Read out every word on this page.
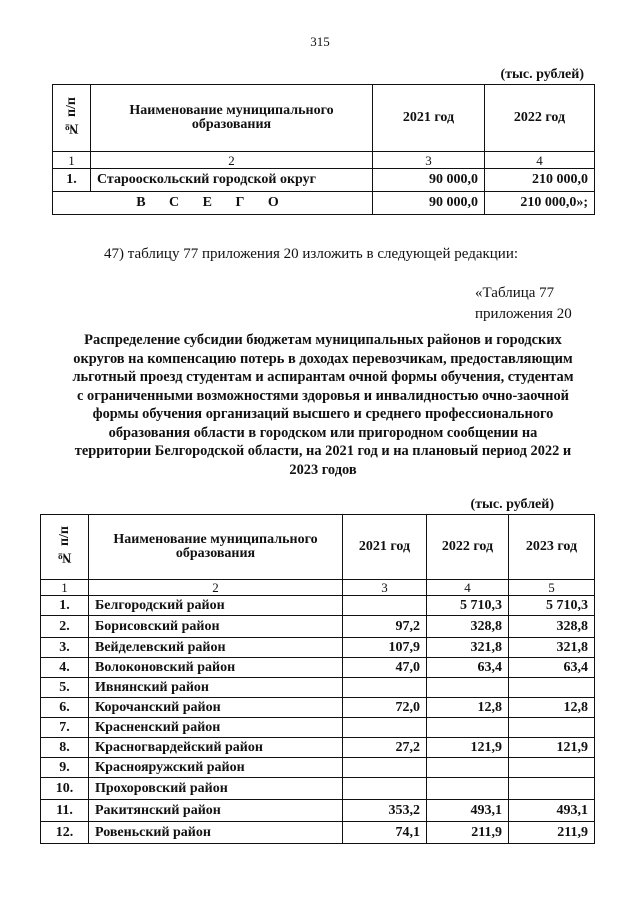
315
(тыс. рублей)
№ п/п	Наименование муниципального образования	2021 год	2022 год
1	2	3	4
1.	Старооскольский городской округ	90 000,0	210 000,0
В С Е Г О		90 000,0	210 000,0»;
47) таблицу 77 приложения 20 изложить в следующей редакции:
«Таблица 77
приложения 20
Распределение субсидии бюджетам муниципальных районов и городских
округов на компенсацию потерь в доходах перевозчикам, предоставляющим
льготный проезд студентам и аспирантам очной формы обучения, студентам
с ограниченными возможностями здоровья и инвалидностью очно-заочной
формы обучения организаций высшего и среднего профессионального
образования области в городском или пригородном сообщении на
территории Белгородской области, на 2021 год и на плановый период 2022 и
2023 годов
(тыс. рублей)
№ п/п	Наименование муниципального образования	2021 год	2022 год	2023 год
1	2	3	4	5
1.	Белгородский район		5 710,3	5 710,3
2.	Борисовский район	97,2	328,8	328,8
3.	Вейделевский район	107,9	321,8	321,8
4.	Волоконовский район	47,0	63,4	63,4
5.	Ивнянский район			
6.	Корочанский район	72,0	12,8	12,8
7.	Красненский район			
8.	Красногвардейский район	27,2	121,9	121,9
9.	Краснояружский район			
10.	Прохоровский район			
11.	Ракитянский район	353,2	493,1	493,1
12.	Ровеньский район	74,1	211,9	211,9
